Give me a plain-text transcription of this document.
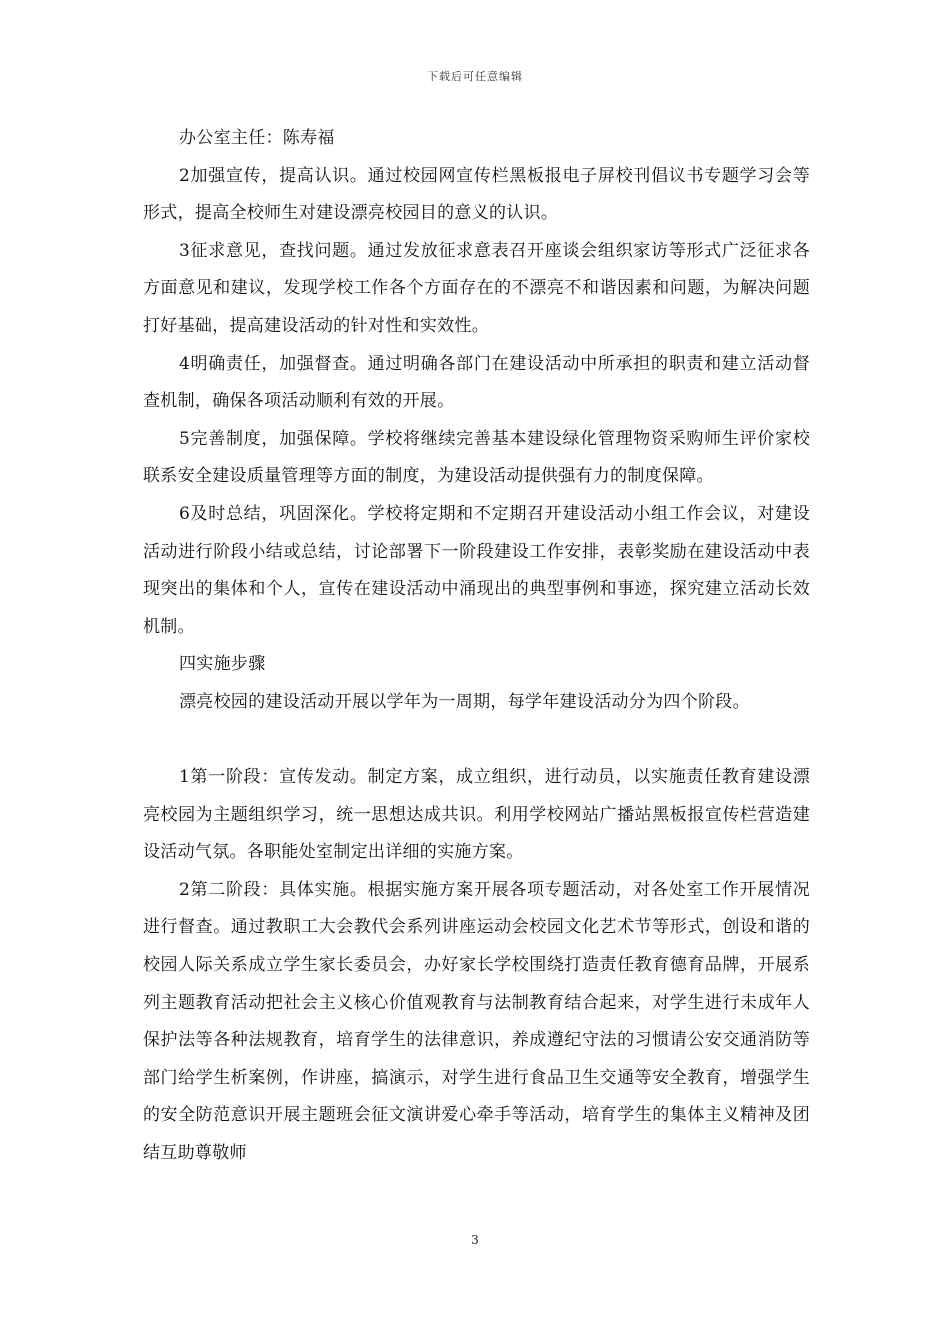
下载后可任意编辑

办公室主任：陈寿福

2加强宣传，提高认识。通过校园网宣传栏黑板报电子屏校刊倡议书专题学习会等形式，提高全校师生对建设漂亮校园目的意义的认识。

3征求意见，查找问题。通过发放征求意表召开座谈会组织家访等形式广泛征求各方面意见和建议，发现学校工作各个方面存在的不漂亮不和谐因素和问题，为解决问题打好基础，提高建设活动的针对性和实效性。

4明确责任，加强督查。通过明确各部门在建设活动中所承担的职责和建立活动督查机制，确保各项活动顺利有效的开展。

5完善制度，加强保障。学校将继续完善基本建设绿化管理物资采购师生评价家校联系安全建设质量管理等方面的制度，为建设活动提供强有力的制度保障。

6及时总结，巩固深化。学校将定期和不定期召开建设活动小组工作会议，对建设活动进行阶段小结或总结，讨论部署下一阶段建设工作安排，表彰奖励在建设活动中表现突出的集体和个人，宣传在建设活动中涌现出的典型事例和事迹，探究建立活动长效机制。

四实施步骤

漂亮校园的建设活动开展以学年为一周期，每学年建设活动分为四个阶段。

1第一阶段：宣传发动。制定方案，成立组织，进行动员，以实施责任教育建设漂亮校园为主题组织学习，统一思想达成共识。利用学校网站广播站黑板报宣传栏营造建设活动气氛。各职能处室制定出详细的实施方案。

2第二阶段：具体实施。根据实施方案开展各项专题活动，对各处室工作开展情况进行督查。通过教职工大会教代会系列讲座运动会校园文化艺术节等形式，创设和谐的校园人际关系成立学生家长委员会，办好家长学校围绕打造责任教育德育品牌，开展系列主题教育活动把社会主义核心价值观教育与法制教育结合起来，对学生进行未成年人保护法等各种法规教育，培育学生的法律意识，养成遵纪守法的习惯请公安交通消防等部门给学生析案例，作讲座，搞演示，对学生进行食品卫生交通等安全教育，增强学生的安全防范意识开展主题班会征文演讲爱心牵手等活动，培育学生的集体主义精神及团结互助尊敬师

3
